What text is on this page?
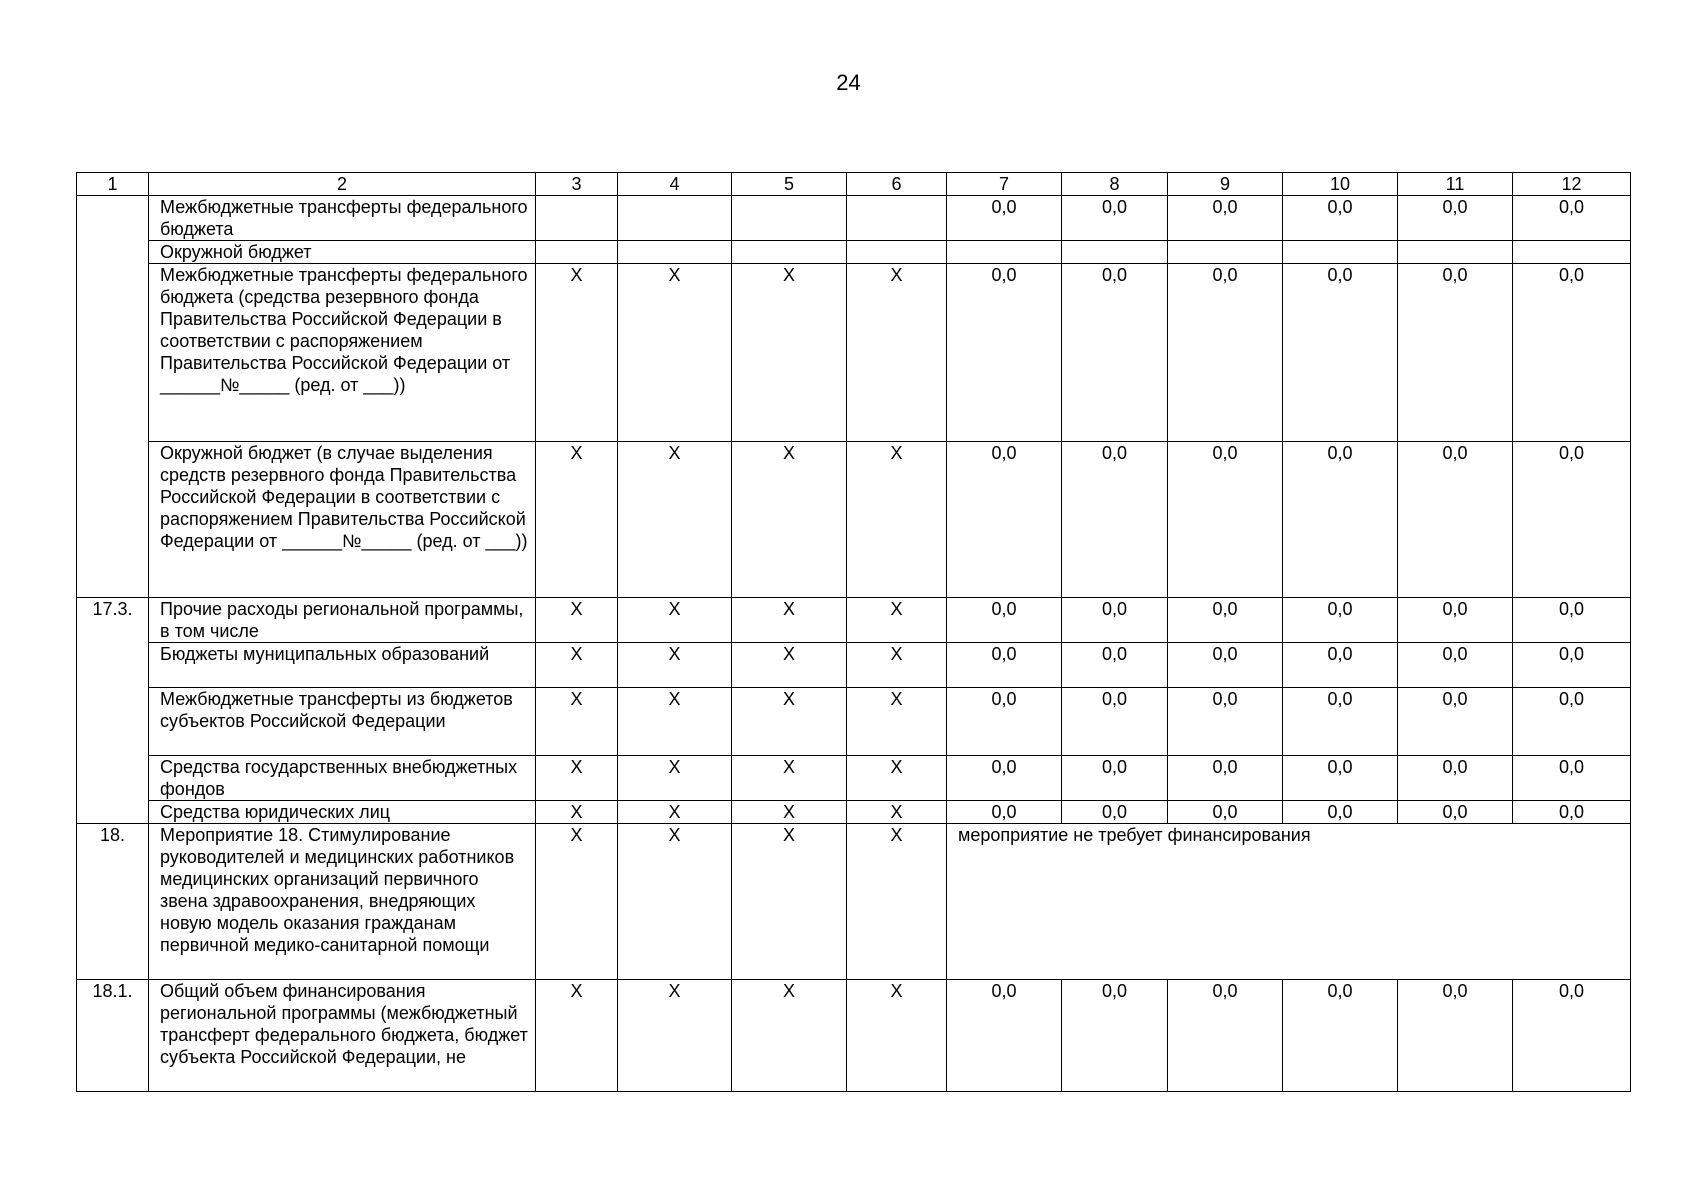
24
1	2	3	4	5	6	7	8	9	10	11	12
	Межбюджетные трансферты федерального бюджета					0,0	0,0	0,0	0,0	0,0	0,0
	Окружной бюджет										
	Межбюджетные трансферты федерального бюджета (средства резервного фонда Правительства Российской Федерации в соответствии с распоряжением Правительства Российской Федерации от ______№_____ (ред. от ___))	X	X	X	X	0,0	0,0	0,0	0,0	0,0	0,0
	Окружной бюджет (в случае выделения средств резервного фонда Правительства Российской Федерации в соответствии с распоряжением Правительства Российской Федерации от ______№_____ (ред. от ___))	X	X	X	X	0,0	0,0	0,0	0,0	0,0	0,0
17.3.	Прочие расходы региональной программы, в том числе	X	X	X	X	0,0	0,0	0,0	0,0	0,0	0,0
	Бюджеты муниципальных образований	X	X	X	X	0,0	0,0	0,0	0,0	0,0	0,0
	Межбюджетные трансферты из бюджетов субъектов Российской Федерации	X	X	X	X	0,0	0,0	0,0	0,0	0,0	0,0
	Средства государственных внебюджетных фондов	X	X	X	X	0,0	0,0	0,0	0,0	0,0	0,0
	Средства юридических лиц	X	X	X	X	0,0	0,0	0,0	0,0	0,0	0,0
18.	Мероприятие 18. Стимулирование руководителей и медицинских работников медицинских организаций первичного звена здравоохранения, внедряющих новую модель оказания гражданам первичной медико-санитарной помощи	X	X	X	X	мероприятие не требует финансирования					
18.1.	Общий объем финансирования региональной программы (межбюджетный трансферт федерального бюджета, бюджет субъекта Российской Федерации, не	X	X	X	X	0,0	0,0	0,0	0,0	0,0	0,0
